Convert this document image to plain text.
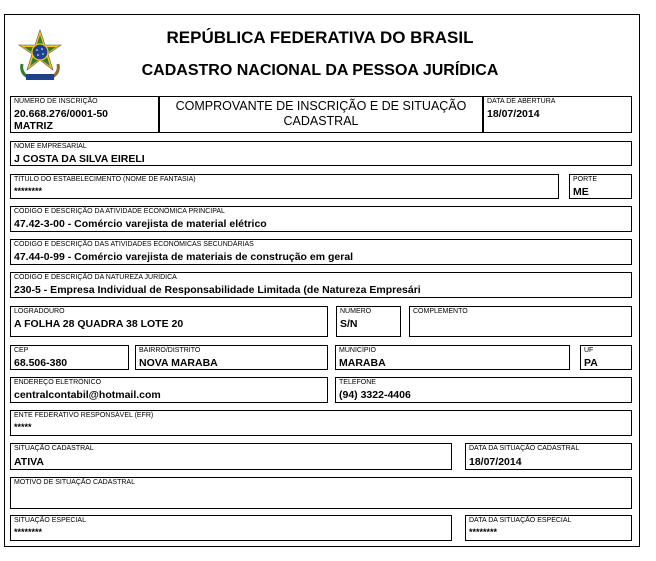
REPÚBLICA FEDERATIVA DO BRASIL
CADASTRO NACIONAL DA PESSOA JURÍDICA
NÚMERO DE INSCRIÇÃO
20.668.276/0001-50
MATRIZ
COMPROVANTE DE INSCRIÇÃO E DE SITUAÇÃO CADASTRAL
DATA DE ABERTURA
18/07/2014
NOME EMPRESARIAL
J COSTA DA SILVA EIRELI
TÍTULO DO ESTABELECIMENTO (NOME DE FANTASIA)
********
PORTE
ME
CÓDIGO E DESCRIÇÃO DA ATIVIDADE ECONÔMICA PRINCIPAL
47.42-3-00 - Comércio varejista de material elétrico
CÓDIGO E DESCRIÇÃO DAS ATIVIDADES ECONÔMICAS SECUNDÁRIAS
47.44-0-99 - Comércio varejista de materiais de construção em geral
CÓDIGO E DESCRIÇÃO DA NATUREZA JURÍDICA
230-5 - Empresa Individual de Responsabilidade Limitada (de Natureza Empresári
LOGRADOURO
A FOLHA 28 QUADRA 38 LOTE 20
NÚMERO
S/N
COMPLEMENTO
CEP
68.506-380
BAIRRO/DISTRITO
NOVA MARABA
MUNICÍPIO
MARABA
UF
PA
ENDEREÇO ELETRÔNICO
centralcontabil@hotmail.com
TELEFONE
(94) 3322-4406
ENTE FEDERATIVO RESPONSÁVEL (EFR)
*****
SITUAÇÃO CADASTRAL
ATIVA
DATA DA SITUAÇÃO CADASTRAL
18/07/2014
MOTIVO DE SITUAÇÃO CADASTRAL
SITUAÇÃO ESPECIAL
********
DATA DA SITUAÇÃO ESPECIAL
********
